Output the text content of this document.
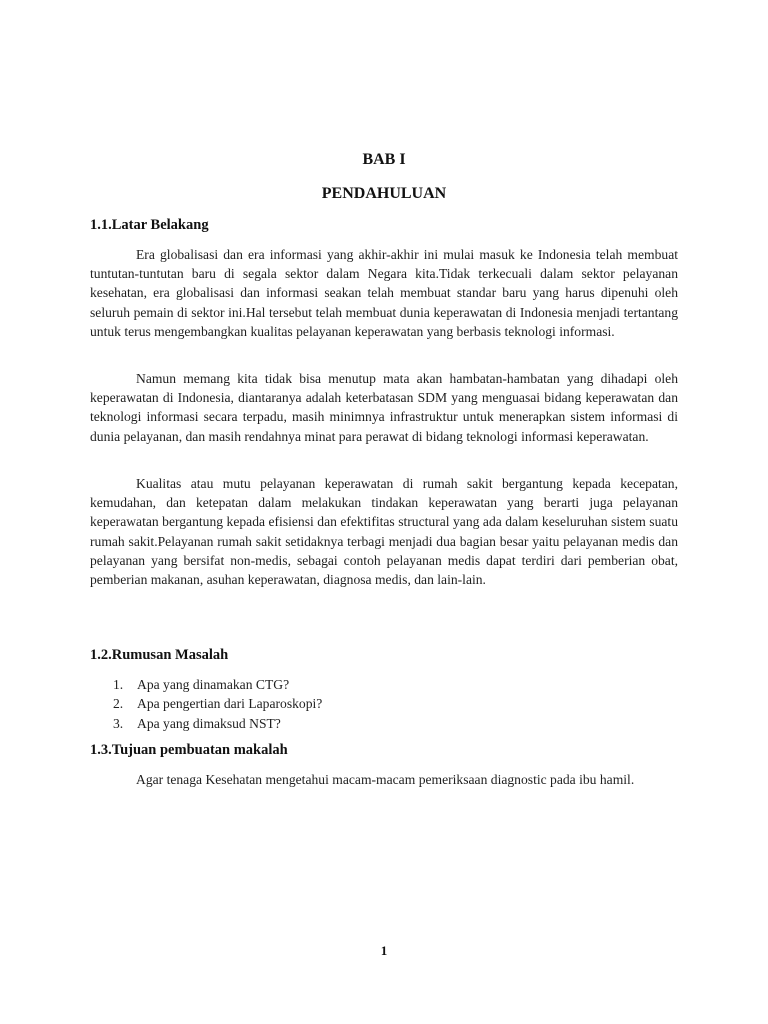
BAB I
PENDAHULUAN
1.1.Latar Belakang

Era globalisasi dan era informasi yang akhir-akhir ini mulai masuk ke Indonesia telah membuat tuntutan-tuntutan baru di segala sektor dalam Negara kita.Tidak terkecuali dalam sektor pelayanan kesehatan, era globalisasi dan informasi seakan telah membuat standar baru yang harus dipenuhi oleh seluruh pemain di sektor ini.Hal tersebut telah membuat dunia keperawatan di Indonesia menjadi tertantang untuk terus mengembangkan kualitas pelayanan keperawatan yang berbasis teknologi informasi.

Namun memang kita tidak bisa menutup mata akan hambatan-hambatan yang dihadapi oleh keperawatan di Indonesia, diantaranya adalah keterbatasan SDM yang menguasai bidang keperawatan dan teknologi informasi secara terpadu, masih minimnya infrastruktur untuk menerapkan sistem informasi di dunia pelayanan, dan masih rendahnya minat para perawat di bidang teknologi informasi keperawatan.

Kualitas atau mutu pelayanan keperawatan di rumah sakit bergantung kepada kecepatan, kemudahan, dan ketepatan dalam melakukan tindakan keperawatan yang berarti juga pelayanan keperawatan bergantung kepada efisiensi dan efektifitas structural yang ada dalam keseluruhan sistem suatu rumah sakit.Pelayanan rumah sakit setidaknya terbagi menjadi dua bagian besar yaitu pelayanan medis dan pelayanan yang bersifat non-medis, sebagai contoh pelayanan medis dapat terdiri dari pemberian obat, pemberian makanan, asuhan keperawatan, diagnosa medis, dan lain-lain.

1.2.Rumusan Masalah
1. Apa yang dinamakan CTG?
2. Apa pengertian dari Laparoskopi?
3. Apa yang dimaksud NST?
1.3.Tujuan pembuatan makalah

Agar tenaga Kesehatan mengetahui macam-macam pemeriksaan diagnostic pada ibu hamil.

1
